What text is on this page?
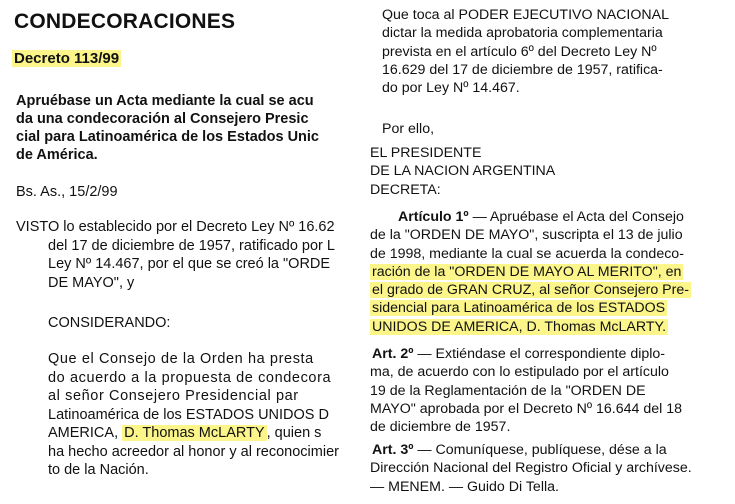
CONDECORACIONES
Decreto 113/99
Apruébase un Acta mediante la cual se acu
da una condecoración al Consejero Presic
cial para Latinoamérica de los Estados Unic
de América.
Bs. As., 15/2/99
VISTO lo establecido por el Decreto Ley Nº 16.62
del 17 de diciembre de 1957, ratificado por L
Ley Nº 14.467, por el que se creó la "ORDE
DE MAYO", y
CONSIDERANDO:
Que el Consejo de la Orden ha presta
do acuerdo a la propuesta de condecora
al señor Consejero Presidencial par
Latinoamérica de los ESTADOS UNIDOS D
AMERICA, D. Thomas McLARTY , quien s
ha hecho acreedor al honor y al reconocimier
to de la Nación.
Que toca al PODER EJECUTIVO NACIONAL
dictar la medida aprobatoria complementaria
prevista en el artículo 6º del Decreto Ley Nº
16.629 del 17 de diciembre de 1957, ratifica-
do por Ley Nº 14.467.
Por ello,
EL PRESIDENTE
DE LA NACION ARGENTINA
DECRETA:
Artículo 1º — Apruébase el Acta del Consejo
de la "ORDEN DE MAYO", suscripta el 13 de julio
de 1998, mediante la cual se acuerda la condeco-
ración de la "ORDEN DE MAYO AL MERITO", en
el grado de GRAN CRUZ, al señor Consejero Pre-
sidencial para Latinoamérica de los ESTADOS
UNIDOS DE AMERICA, D. Thomas McLARTY.
Art. 2º — Extiéndase el correspondiente diplo-
ma, de acuerdo con lo estipulado por el artículo
19 de la Reglamentación de la "ORDEN DE
MAYO" aprobada por el Decreto Nº 16.644 del 18
de diciembre de 1957.
Art. 3º — Comuníquese, publíquese, dése a la
Dirección Nacional del Registro Oficial y archívese.
— MENEM. — Guido Di Tella.
